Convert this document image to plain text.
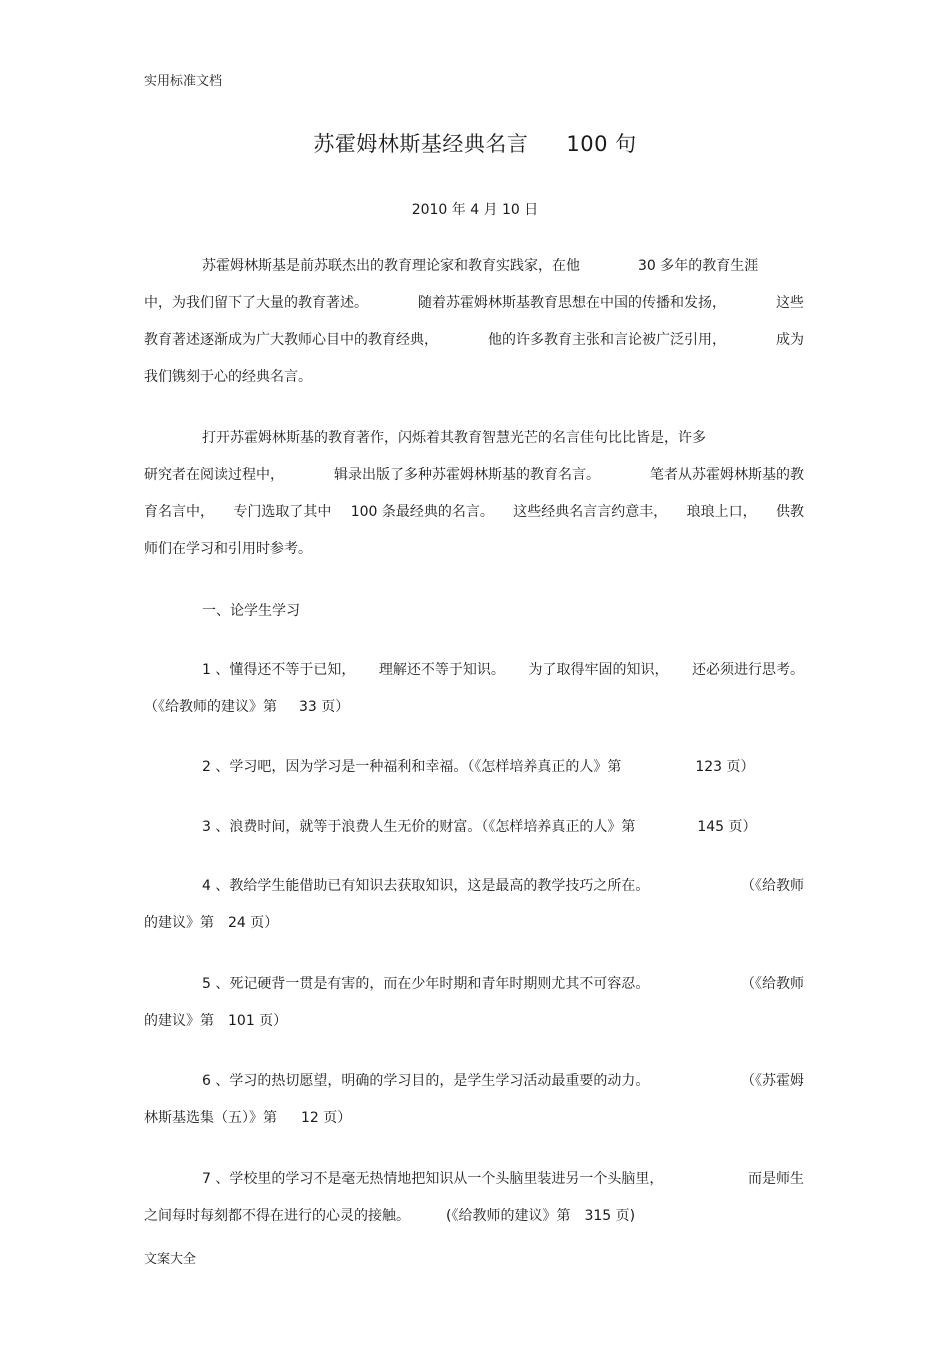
实用标准文档
苏霍姆林斯基经典名言 100 句
2010 年 4 月 10 日
苏霍姆林斯基是前苏联杰出的教育理论家和教育实践家，在他	30 多年的教育生涯
中，为我们留下了大量的教育著述。	随着苏霍姆林斯基教育思想在中国的传播和发扬，	这些
教育著述逐渐成为广大教师心目中的教育经典，	他的许多教育主张和言论被广泛引用，	成为
我们镌刻于心的经典名言。
打开苏霍姆林斯基的教育著作，闪烁着其教育智慧光芒的名言佳句比比皆是，许多
研究者在阅读过程中，	辑录出版了多种苏霍姆林斯基的教育名言。	笔者从苏霍姆林斯基的教
育名言中， 专门选取了其中 100 条最经典的名言。 这些经典名言言约意丰， 琅琅上口， 供教
师们在学习和引用时参考。
一、论学生学习
1 、懂得还不等于已知， 理解还不等于知识。 为了取得牢固的知识， 还必须进行思考。
（《给教师的建议》第 33 页）
2 、学习吧，因为学习是一种福利和幸福。（《怎样培养真正的人》第	123 页）
3 、浪费时间，就等于浪费人生无价的财富。（《怎样培养真正的人》第	145 页）
4 、教给学生能借助已有知识去获取知识，这是最高的教学技巧之所在。	（《给教师
的建议》第 24 页）
5 、死记硬背一贯是有害的，而在少年时期和青年时期则尤其不可容忍。	（《给教师
的建议》第 101 页）
6 、学习的热切愿望，明确的学习目的，是学生学习活动最重要的动力。	（《苏霍姆
林斯基选集（五）》第 12 页）
7 、学校里的学习不是毫无热情地把知识从一个头脑里装进另一个头脑里，	而是师生
之间每时每刻都不得在进行的心灵的接触。	(《给教师的建议》第 315 页)
文案大全
